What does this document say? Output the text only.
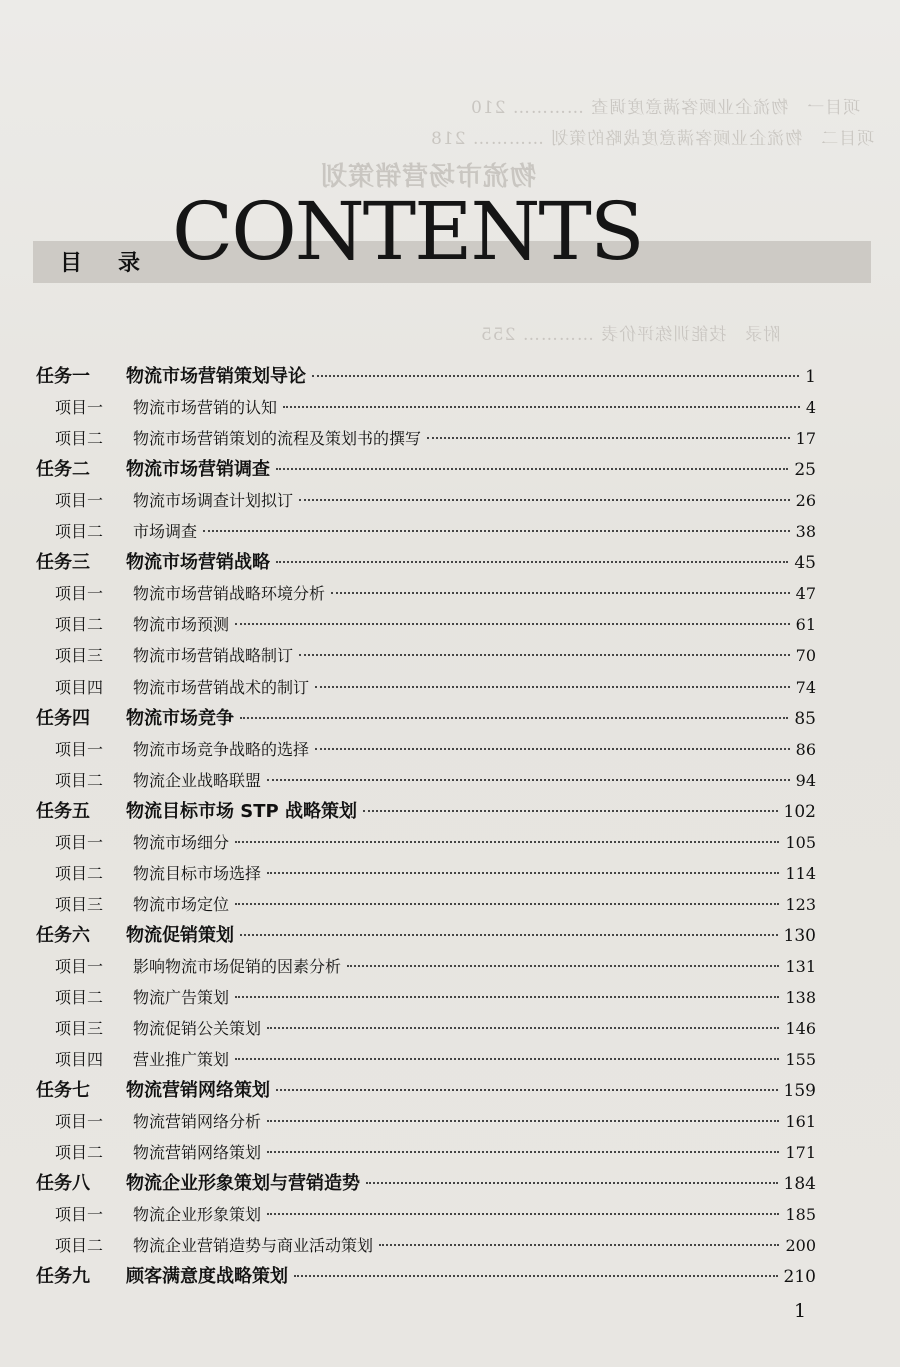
项目一　物流企业顾客满意度调查 ………… 210
项目二　物流企业顾客满意度战略的策划 ………… 218
物流市场营销策划
附录　技能训练评价表 ………… 255
目录
CONTENTS
任务一 物流市场营销策划导论	1
项目一 物流市场营销的认知	4
项目二 物流市场营销策划的流程及策划书的撰写	17
任务二 物流市场营销调查	25
项目一 物流市场调查计划拟订	26
项目二 市场调查	38
任务三 物流市场营销战略	45
项目一 物流市场营销战略环境分析	47
项目二 物流市场预测	61
项目三 物流市场营销战略制订	70
项目四 物流市场营销战术的制订	74
任务四 物流市场竞争	85
项目一 物流市场竞争战略的选择	86
项目二 物流企业战略联盟	94
任务五 物流目标市场 STP 战略策划	102
项目一 物流市场细分	105
项目二 物流目标市场选择	114
项目三 物流市场定位	123
任务六 物流促销策划	130
项目一 影响物流市场促销的因素分析	131
项目二 物流广告策划	138
项目三 物流促销公关策划	146
项目四 营业推广策划	155
任务七 物流营销网络策划	159
项目一 物流营销网络分析	161
项目二 物流营销网络策划	171
任务八 物流企业形象策划与营销造势	184
项目一 物流企业形象策划	185
项目二 物流企业营销造势与商业活动策划	200
任务九 顾客满意度战略策划	210
1
